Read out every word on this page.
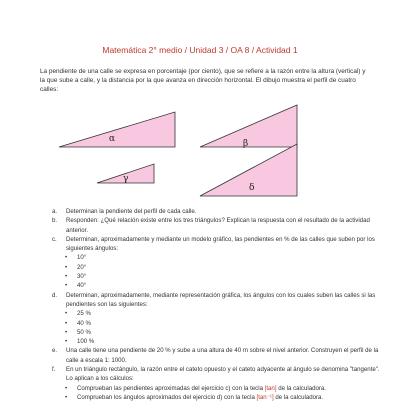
Matemática 2° medio / Unidad 3 / OA 8 / Actividad 1
La pendiente de una calle se expresa en porcentaje (por ciento), que se refiere a la razón entre la altura (vertical) y la que sube a calle, y la distancia por la que avanza en dirección horizontal. El dibujo muestra el perfil de cuatro calles:
α	β
γ
δ
a. Determinan la pendiente del perfil de cada calle.
b. Responden: ¿Qué relación existe entre los tres triángulos? Explican la respuesta con el resultado de la actividad anterior.
c. Determinan, aproximadamente y mediante un modelo gráfico, las pendientes en % de las calles que suben por los siguientes ángulos:
• 10°
• 20°
• 30°
• 40°
d. Determinan, aproximadamente, mediante representación gráfica, los ángulos con los cuales suben las calles si las pendientes son las siguientes:
• 25 %
• 40 %
• 50 %
• 100 %
e. Una calle tiene una pendiente de 20 % y sube a una altura de 40 m sobre el nivel anterior. Construyen el perfil de la calle a escala 1: 1000.
f. En un triángulo rectángulo, la razón entre el cateto opuesto y el cateto adyacente al ángulo se denomina "tangente". Lo aplican a los cálculos:
• Comprueban las pendientes aproximadas del ejercicio c) con la tecla [tan] de la calculadora.
• Comprueban los ángulos aproximados del ejercicio d) con la tecla [tan⁻¹] de la calculadora.
